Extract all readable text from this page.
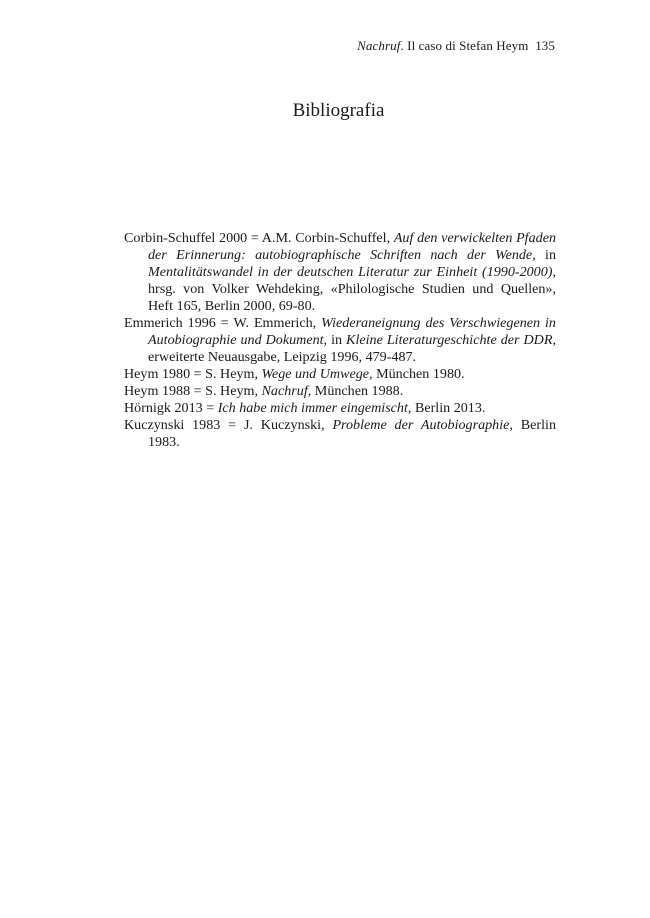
Nachruf. Il caso di Stefan Heym 135
Bibliografia

Corbin-Schuffel 2000 = A.M. Corbin-Schuffel, Auf den verwickelten Pfaden der Erinnerung: autobiographische Schriften nach der Wende, in Mentalitätswandel in der deutschen Literatur zur Einheit (1990-2000), hrsg. von Volker Wehdeking, «Philologische Studien und Quellen», Heft 165, Berlin 2000, 69-80.

Emmerich 1996 = W. Emmerich, Wiederaneignung des Verschwiegenen in Autobiographie und Dokument, in Kleine Literaturgeschichte der DDR, erweiterte Neuausgabe, Leipzig 1996, 479-487.

Heym 1980 = S. Heym, Wege und Umwege, München 1980.

Heym 1988 = S. Heym, Nachruf, München 1988.

Hörnigk 2013 = Ich habe mich immer eingemischt, Berlin 2013.

Kuczynski 1983 = J. Kuczynski, Probleme der Autobiographie, Berlin 1983.
